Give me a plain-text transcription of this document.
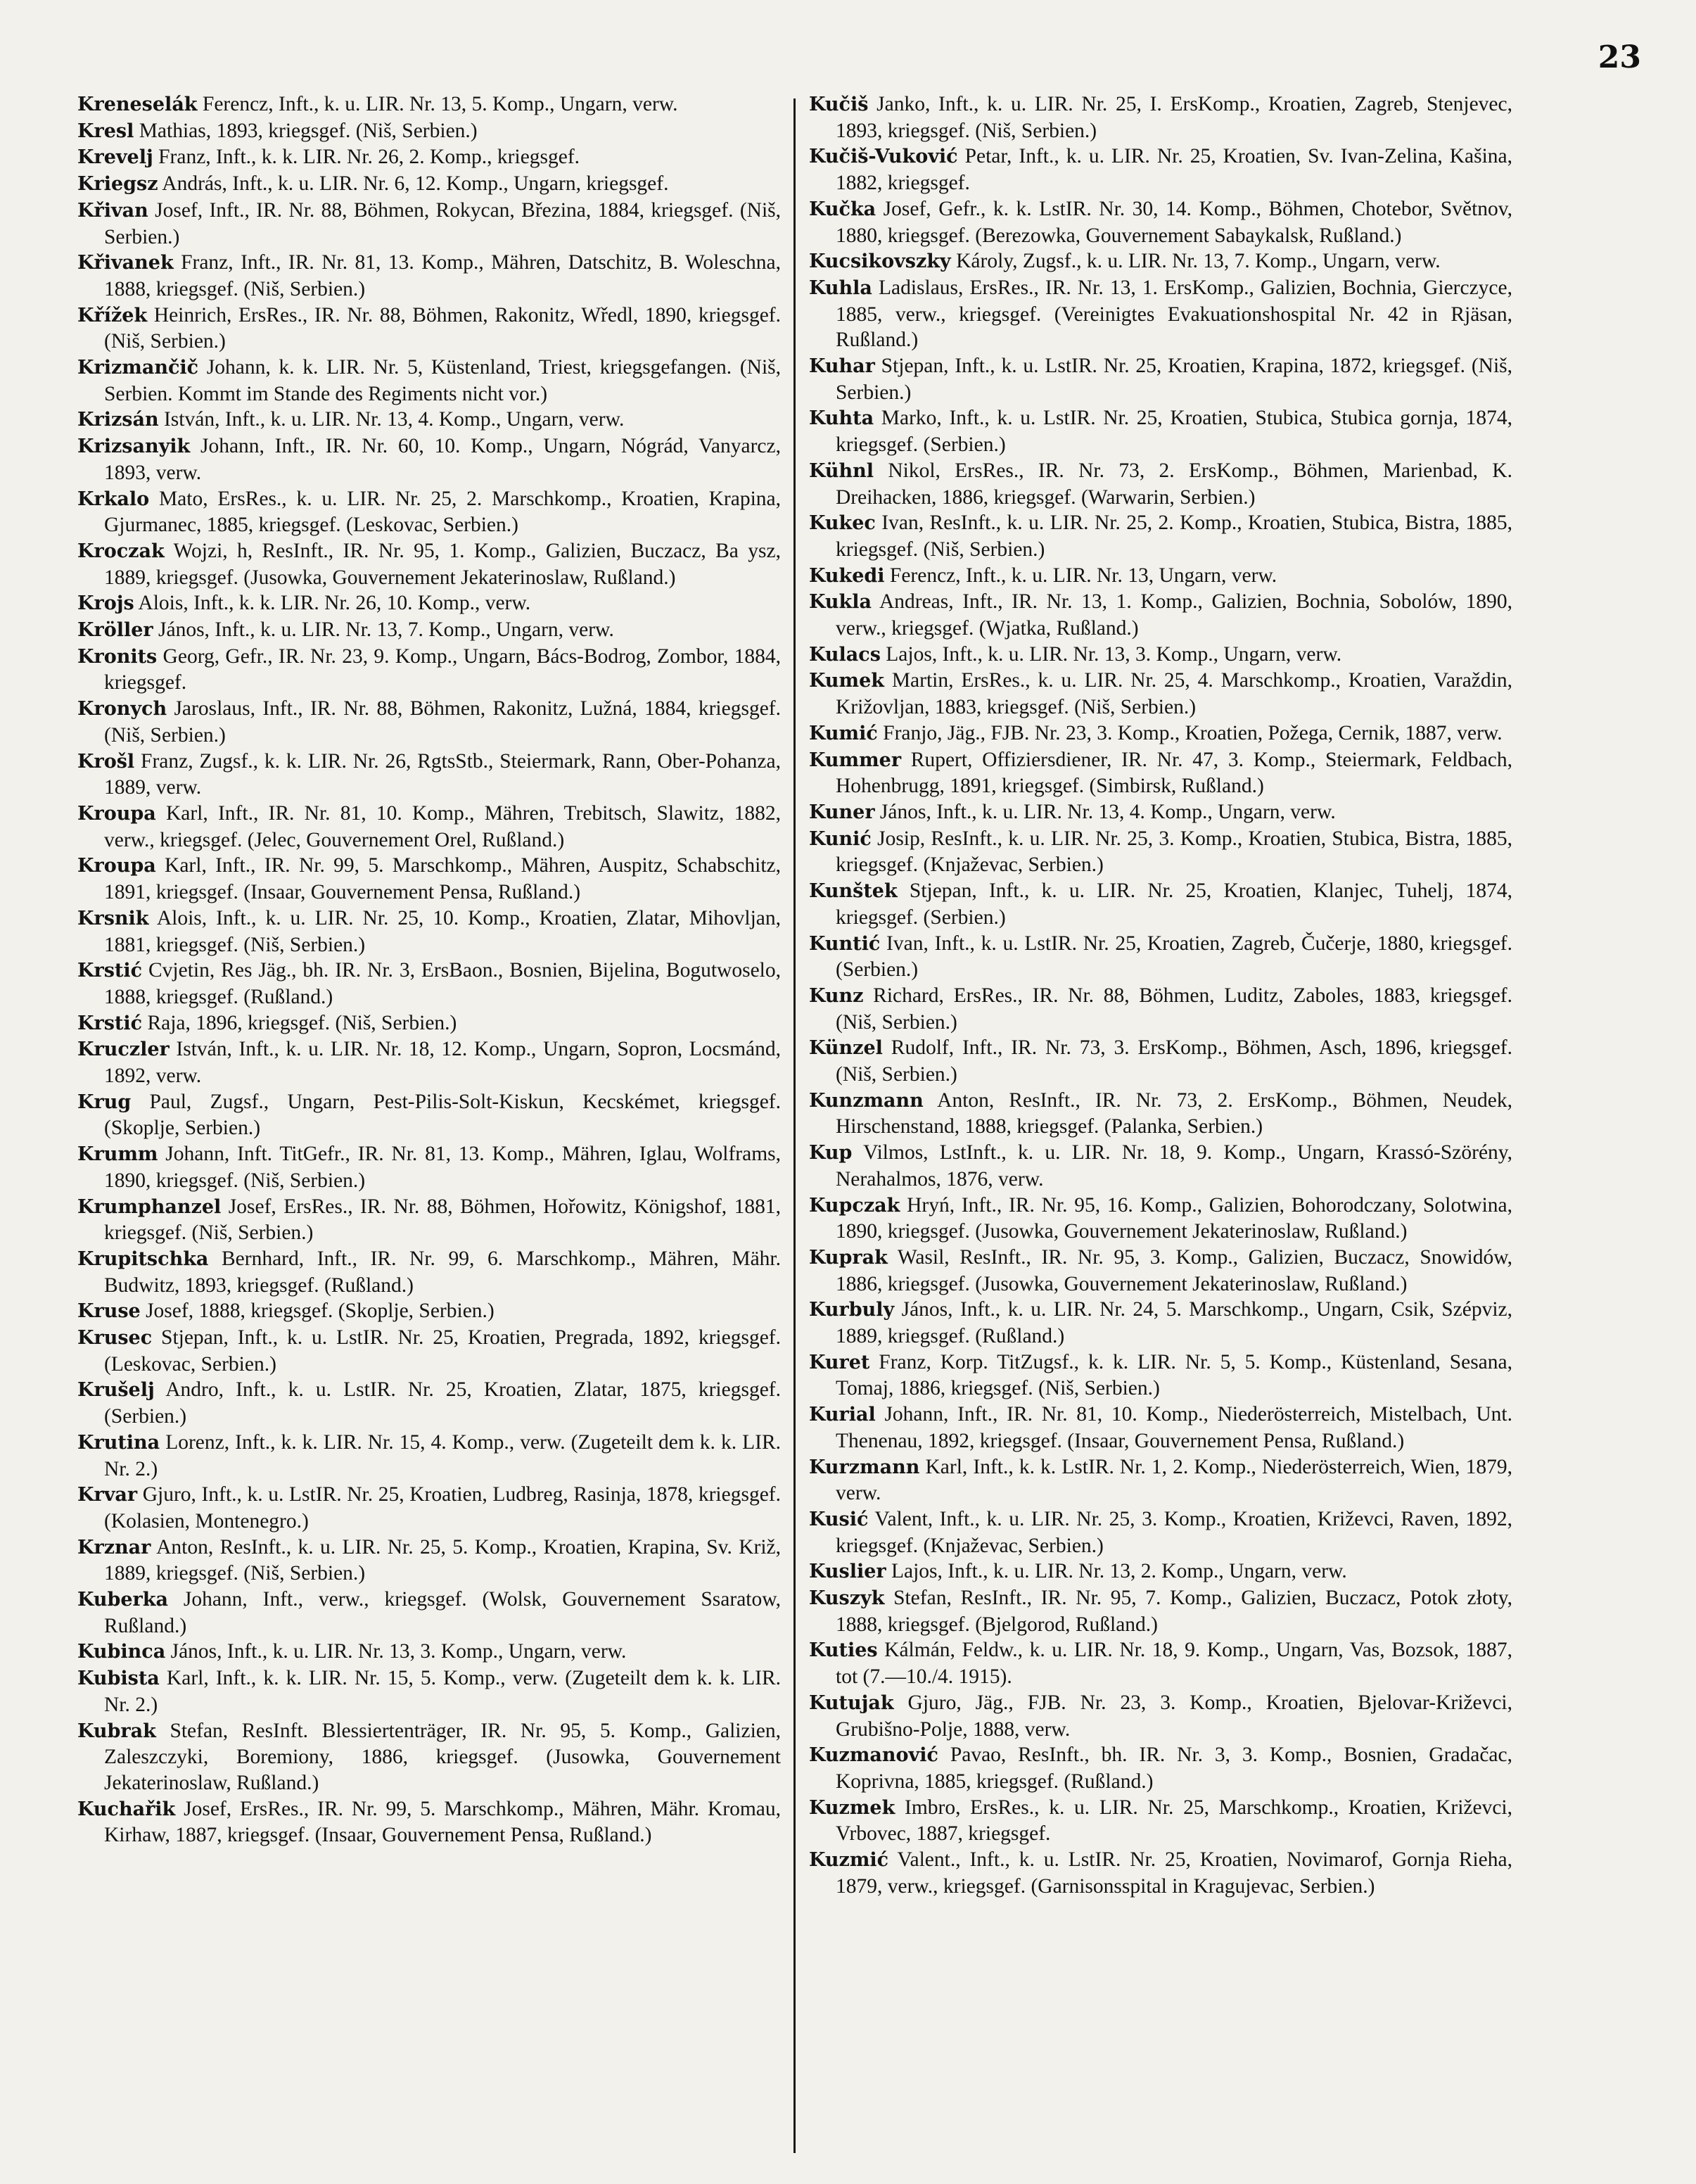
23

Kreneselák Ferencz, Inft., k. u. LIR. Nr. 13, 5. Komp., Ungarn, verw.

Kresl Mathias, 1893, kriegsgef. (Niš, Serbien.)

Krevelj Franz, Inft., k. k. LIR. Nr. 26, 2. Komp., kriegsgef.

Kriegsz András, Inft., k. u. LIR. Nr. 6, 12. Komp., Ungarn, kriegsgef.

Křivan Josef, Inft., IR. Nr. 88, Böhmen, Rokycan, Březina, 1884, kriegsgef. (Niš, Serbien.)

Křivanek Franz, Inft., IR. Nr. 81, 13. Komp., Mähren, Datschitz, B. Woleschna, 1888, kriegsgef. (Niš, Serbien.)

Křížek Heinrich, ErsRes., IR. Nr. 88, Böhmen, Rakonitz, Wředl, 1890, kriegsgef. (Niš, Serbien.)

Krizmančič Johann, k. k. LIR. Nr. 5, Küstenland, Triest, kriegsgefangen. (Niš, Serbien. Kommt im Stande des Regiments nicht vor.)

Krizsán István, Inft., k. u. LIR. Nr. 13, 4. Komp., Ungarn, verw.

Krizsanyik Johann, Inft., IR. Nr. 60, 10. Komp., Ungarn, Nógrád, Vanyarcz, 1893, verw.

Krkalo Mato, ErsRes., k. u. LIR. Nr. 25, 2. Marschkomp., Kroatien, Krapina, Gjurmanec, 1885, kriegsgef. (Leskovac, Serbien.)

Kroczak Wojzi, h, ResInft., IR. Nr. 95, 1. Komp., Galizien, Buczacz, Ba ysz, 1889, kriegsgef. (Jusowka, Gouvernement Jekaterinoslaw, Rußland.)

Krojs Alois, Inft., k. k. LIR. Nr. 26, 10. Komp., verw.

Kröller János, Inft., k. u. LIR. Nr. 13, 7. Komp., Ungarn, verw.

Kronits Georg, Gefr., IR. Nr. 23, 9. Komp., Ungarn, Bács-Bodrog, Zombor, 1884, kriegsgef.

Kronych Jaroslaus, Inft., IR. Nr. 88, Böhmen, Rakonitz, Lužná, 1884, kriegsgef. (Niš, Serbien.)

Krošl Franz, Zugsf., k. k. LIR. Nr. 26, RgtsStb., Steiermark, Rann, Ober-Pohanza, 1889, verw.

Kroupa Karl, Inft., IR. Nr. 81, 10. Komp., Mähren, Trebitsch, Slawitz, 1882, verw., kriegsgef. (Jelec, Gouvernement Orel, Rußland.)

Kroupa Karl, Inft., IR. Nr. 99, 5. Marschkomp., Mähren, Auspitz, Schabschitz, 1891, kriegsgef. (Insaar, Gouvernement Pensa, Rußland.)

Krsnik Alois, Inft., k. u. LIR. Nr. 25, 10. Komp., Kroatien, Zlatar, Mihovljan, 1881, kriegsgef. (Niš, Serbien.)

Krstić Cvjetin, Res Jäg., bh. IR. Nr. 3, ErsBaon., Bosnien, Bijelina, Bogutwoselo, 1888, kriegsgef. (Rußland.)

Krstić Raja, 1896, kriegsgef. (Niš, Serbien.)

Kruczler István, Inft., k. u. LIR. Nr. 18, 12. Komp., Ungarn, Sopron, Locsmánd, 1892, verw.

Krug Paul, Zugsf., Ungarn, Pest-Pilis-Solt-Kiskun, Kecskémet, kriegsgef. (Skoplje, Serbien.)

Krumm Johann, Inft. TitGefr., IR. Nr. 81, 13. Komp., Mähren, Iglau, Wolframs, 1890, kriegsgef. (Niš, Serbien.)

Krumphanzel Josef, ErsRes., IR. Nr. 88, Böhmen, Hořowitz, Königshof, 1881, kriegsgef. (Niš, Serbien.)

Krupitschka Bernhard, Inft., IR. Nr. 99, 6. Marschkomp., Mähren, Mähr. Budwitz, 1893, kriegsgef. (Rußland.)

Kruse Josef, 1888, kriegsgef. (Skoplje, Serbien.)

Krusec Stjepan, Inft., k. u. LstIR. Nr. 25, Kroatien, Pregrada, 1892, kriegsgef. (Leskovac, Serbien.)

Krušelj Andro, Inft., k. u. LstIR. Nr. 25, Kroatien, Zlatar, 1875, kriegsgef. (Serbien.)

Krutina Lorenz, Inft., k. k. LIR. Nr. 15, 4. Komp., verw. (Zugeteilt dem k. k. LIR. Nr. 2.)

Krvar Gjuro, Inft., k. u. LstIR. Nr. 25, Kroatien, Ludbreg, Rasinja, 1878, kriegsgef. (Kolasien, Montenegro.)

Krznar Anton, ResInft., k. u. LIR. Nr. 25, 5. Komp., Kroatien, Krapina, Sv. Križ, 1889, kriegsgef. (Niš, Serbien.)

Kuberka Johann, Inft., verw., kriegsgef. (Wolsk, Gouvernement Ssaratow, Rußland.)

Kubinca János, Inft., k. u. LIR. Nr. 13, 3. Komp., Ungarn, verw.

Kubista Karl, Inft., k. k. LIR. Nr. 15, 5. Komp., verw. (Zugeteilt dem k. k. LIR. Nr. 2.)

Kubrak Stefan, ResInft. Blessiertenträger, IR. Nr. 95, 5. Komp., Galizien, Zaleszczyki, Boremiony, 1886, kriegsgef. (Jusowka, Gouvernement Jekaterinoslaw, Rußland.)

Kuchařik Josef, ErsRes., IR. Nr. 99, 5. Marschkomp., Mähren, Mähr. Kromau, Kirhaw, 1887, kriegsgef. (Insaar, Gouvernement Pensa, Rußland.)

Kučiš Janko, Inft., k. u. LIR. Nr. 25, I. ErsKomp., Kroatien, Zagreb, Stenjevec, 1893, kriegsgef. (Niš, Serbien.)

Kučiš-Vuković Petar, Inft., k. u. LIR. Nr. 25, Kroatien, Sv. Ivan-Zelina, Kašina, 1882, kriegsgef.

Kučka Josef, Gefr., k. k. LstIR. Nr. 30, 14. Komp., Böhmen, Chotebor, Světnov, 1880, kriegsgef. (Berezowka, Gouvernement Sabaykalsk, Rußland.)

Kucsikovszky Károly, Zugsf., k. u. LIR. Nr. 13, 7. Komp., Ungarn, verw.

Kuhla Ladislaus, ErsRes., IR. Nr. 13, 1. ErsKomp., Galizien, Bochnia, Gierczyce, 1885, verw., kriegsgef. (Vereinigtes Evakuationshospital Nr. 42 in Rjäsan, Rußland.)

Kuhar Stjepan, Inft., k. u. LstIR. Nr. 25, Kroatien, Krapina, 1872, kriegsgef. (Niš, Serbien.)

Kuhta Marko, Inft., k. u. LstIR. Nr. 25, Kroatien, Stubica, Stubica gornja, 1874, kriegsgef. (Serbien.)

Kühnl Nikol, ErsRes., IR. Nr. 73, 2. ErsKomp., Böhmen, Marienbad, K. Dreihacken, 1886, kriegsgef. (Warwarin, Serbien.)

Kukec Ivan, ResInft., k. u. LIR. Nr. 25, 2. Komp., Kroatien, Stubica, Bistra, 1885, kriegsgef. (Niš, Serbien.)

Kukedi Ferencz, Inft., k. u. LIR. Nr. 13, Ungarn, verw.

Kukla Andreas, Inft., IR. Nr. 13, 1. Komp., Galizien, Bochnia, Sobolów, 1890, verw., kriegsgef. (Wjatka, Rußland.)

Kulacs Lajos, Inft., k. u. LIR. Nr. 13, 3. Komp., Ungarn, verw.

Kumek Martin, ErsRes., k. u. LIR. Nr. 25, 4. Marschkomp., Kroatien, Varaždin, Križovljan, 1883, kriegsgef. (Niš, Serbien.)

Kumić Franjo, Jäg., FJB. Nr. 23, 3. Komp., Kroatien, Požega, Cernik, 1887, verw.

Kummer Rupert, Offiziersdiener, IR. Nr. 47, 3. Komp., Steiermark, Feldbach, Hohenbrugg, 1891, kriegsgef. (Simbirsk, Rußland.)

Kuner János, Inft., k. u. LIR. Nr. 13, 4. Komp., Ungarn, verw.

Kunić Josip, ResInft., k. u. LIR. Nr. 25, 3. Komp., Kroatien, Stubica, Bistra, 1885, kriegsgef. (Knjaževac, Serbien.)

Kunštek Stjepan, Inft., k. u. LIR. Nr. 25, Kroatien, Klanjec, Tuhelj, 1874, kriegsgef. (Serbien.)

Kuntić Ivan, Inft., k. u. LstIR. Nr. 25, Kroatien, Zagreb, Čučerje, 1880, kriegsgef. (Serbien.)

Kunz Richard, ErsRes., IR. Nr. 88, Böhmen, Luditz, Zaboles, 1883, kriegsgef. (Niš, Serbien.)

Künzel Rudolf, Inft., IR. Nr. 73, 3. ErsKomp., Böhmen, Asch, 1896, kriegsgef. (Niš, Serbien.)

Kunzmann Anton, ResInft., IR. Nr. 73, 2. ErsKomp., Böhmen, Neudek, Hirschenstand, 1888, kriegsgef. (Palanka, Serbien.)

Kup Vilmos, LstInft., k. u. LIR. Nr. 18, 9. Komp., Ungarn, Krassó-Szörény, Nerahalmos, 1876, verw.

Kupczak Hryń, Inft., IR. Nr. 95, 16. Komp., Galizien, Bohorodczany, Solotwina, 1890, kriegsgef. (Jusowka, Gouvernement Jekaterinoslaw, Rußland.)

Kuprak Wasil, ResInft., IR. Nr. 95, 3. Komp., Galizien, Buczacz, Snowidów, 1886, kriegsgef. (Jusowka, Gouvernement Jekaterinoslaw, Rußland.)

Kurbuly János, Inft., k. u. LIR. Nr. 24, 5. Marschkomp., Ungarn, Csik, Szépviz, 1889, kriegsgef. (Rußland.)

Kuret Franz, Korp. TitZugsf., k. k. LIR. Nr. 5, 5. Komp., Küstenland, Sesana, Tomaj, 1886, kriegsgef. (Niš, Serbien.)

Kurial Johann, Inft., IR. Nr. 81, 10. Komp., Niederösterreich, Mistelbach, Unt. Thenenau, 1892, kriegsgef. (Insaar, Gouvernement Pensa, Rußland.)

Kurzmann Karl, Inft., k. k. LstIR. Nr. 1, 2. Komp., Niederösterreich, Wien, 1879, verw.

Kusić Valent, Inft., k. u. LIR. Nr. 25, 3. Komp., Kroatien, Križevci, Raven, 1892, kriegsgef. (Knjaževac, Serbien.)

Kuslier Lajos, Inft., k. u. LIR. Nr. 13, 2. Komp., Ungarn, verw.

Kuszyk Stefan, ResInft., IR. Nr. 95, 7. Komp., Galizien, Buczacz, Potok złoty, 1888, kriegsgef. (Bjelgorod, Rußland.)

Kuties Kálmán, Feldw., k. u. LIR. Nr. 18, 9. Komp., Ungarn, Vas, Bozsok, 1887, tot (7.—10./4. 1915).

Kutujak Gjuro, Jäg., FJB. Nr. 23, 3. Komp., Kroatien, Bjelovar-Križevci, Grubišno-Polje, 1888, verw.

Kuzmanović Pavao, ResInft., bh. IR. Nr. 3, 3. Komp., Bosnien, Gradačac, Koprivna, 1885, kriegsgef. (Rußland.)

Kuzmek Imbro, ErsRes., k. u. LIR. Nr. 25, Marschkomp., Kroatien, Križevci, Vrbovec, 1887, kriegsgef.

Kuzmić Valent., Inft., k. u. LstIR. Nr. 25, Kroatien, Novimarof, Gornja Rieha, 1879, verw., kriegsgef. (Garnisonsspital in Kragujevac, Serbien.)
